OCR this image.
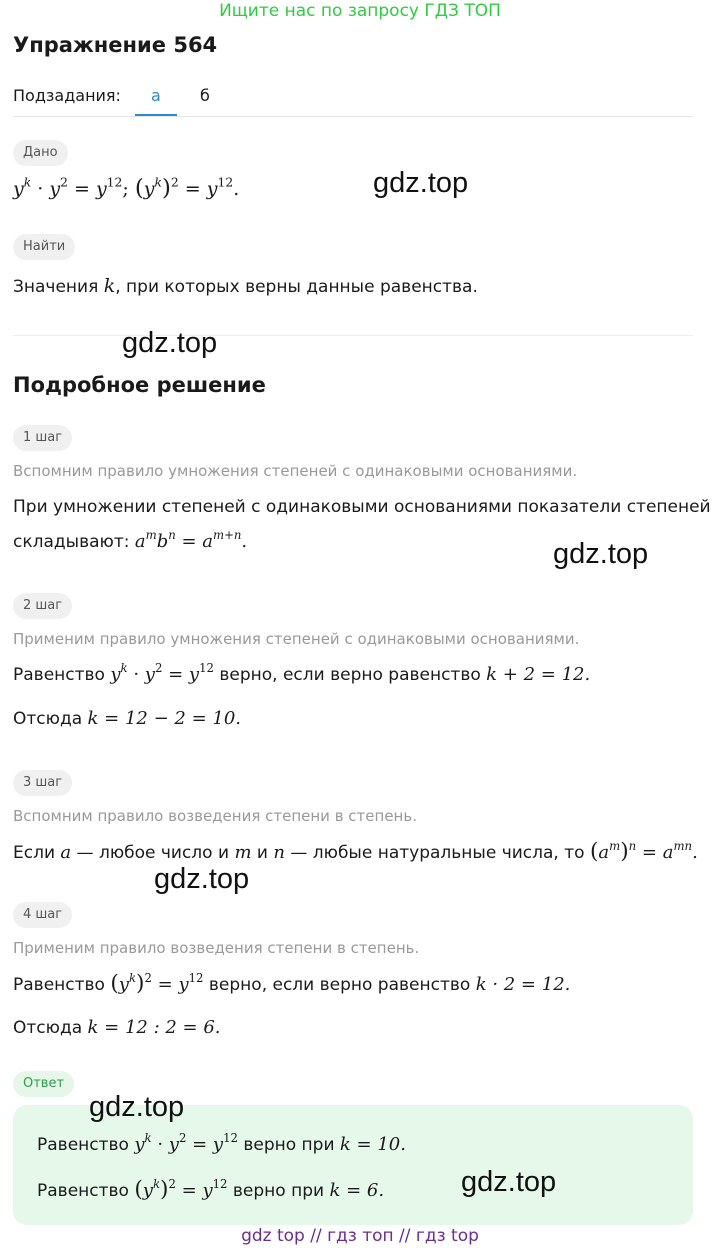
Ищите нас по запросу ГДЗ ТОП
Упражнение 564
Подзадания: а б
Дано
$y^k \cdot y^2 = y^{12}$; $(y^k)^2 = y^{12}$.
Найти
Значения k, при которых верны данные равенства.
Подробное решение
1 шаг
Вспомним правило умножения степеней с одинаковыми основаниями.
При умножении степеней с одинаковыми основаниями показатели степеней
складывают: $a^mb^n = a^{m+n}$.
2 шаг
Применим правило умножения степеней с одинаковыми основаниями.
Равенство $y^k \cdot y^2 = y^{12}$ верно, если верно равенство k + 2 = 12.
Отсюда k = 12 − 2 = 10.
3 шаг
Вспомним правило возведения степени в степень.
Если a — любое число и m и n — любые натуральные числа, то $(a^m)^n = a^{mn}$.
4 шаг
Применим правило возведения степени в степень.
Равенство $(y^k)^2 = y^{12}$ верно, если верно равенство k · 2 = 12.
Отсюда k = 12 : 2 = 6.
Ответ
Равенство $y^k \cdot y^2 = y^{12}$ верно при k = 10.
Равенство $(y^k)^2 = y^{12}$ верно при k = 6.
gdz.top
gdz.top
gdz.top
gdz.top
gdz.top
gdz.top
gdz top // гдз топ // гдз top
